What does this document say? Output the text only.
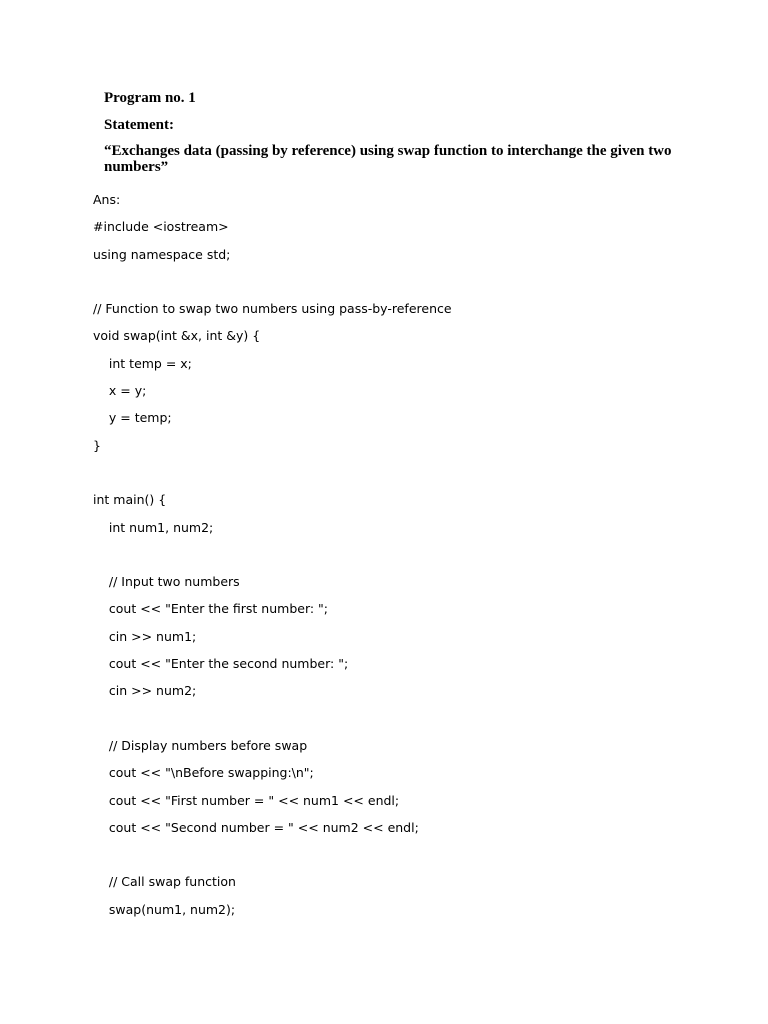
Program no. 1

Statement:

“Exchanges data (passing by reference) using swap function to interchange the given two numbers”

Ans:
#include <iostream>
using namespace std;
// Function to swap two numbers using pass-by-reference
void swap(int &x, int &y) {
int temp = x;
x = y;
y = temp;
}
int main() {
int num1, num2;
// Input two numbers
cout << "Enter the first number: ";
cin >> num1;
cout << "Enter the second number: ";
cin >> num2;
// Display numbers before swap
cout << "\nBefore swapping:\n";
cout << "First number = " << num1 << endl;
cout << "Second number = " << num2 << endl;
// Call swap function
swap(num1, num2);
